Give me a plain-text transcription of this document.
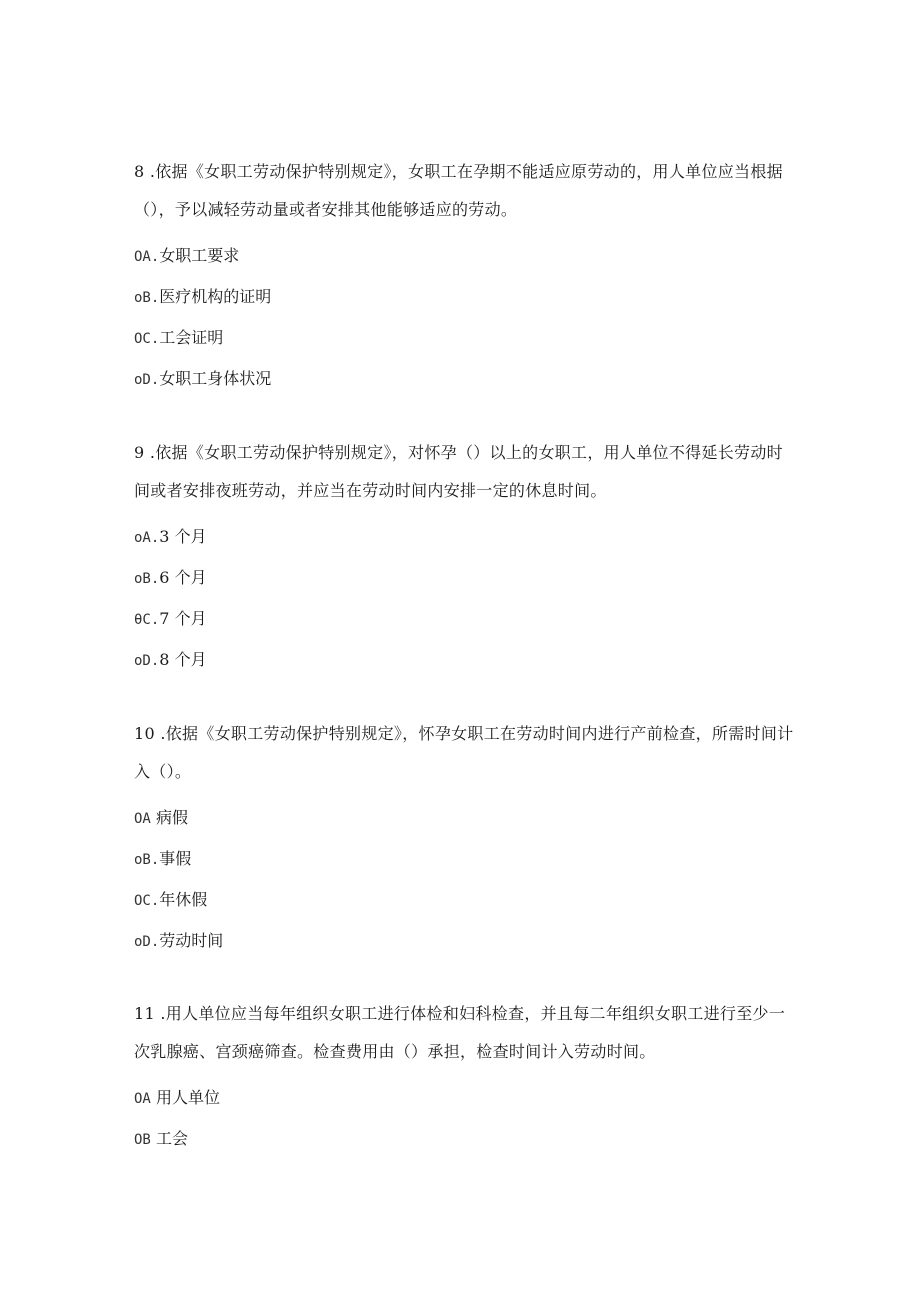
8 .依据《女职工劳动保护特别规定》，女职工在孕期不能适应原劳动的，用人单位应当根据（），予以减轻劳动量或者安排其他能够适应的劳动。

OA.女职工要求
oB.医疗机构的证明
OC.工会证明
oD.女职工身体状况

9 .依据《女职工劳动保护特别规定》，对怀孕（）以上的女职工，用人单位不得延长劳动时间或者安排夜班劳动，并应当在劳动时间内安排一定的休息时间。

oA.3 个月
oB.6 个月
θC.7 个月
oD.8 个月

10 .依据《女职工劳动保护特别规定》，怀孕女职工在劳动时间内进行产前检查，所需时间计入（）。

OA 病假
oB.事假
OC.年休假
oD.劳动时间

11 .用人单位应当每年组织女职工进行体检和妇科检查，并且每二年组织女职工进行至少一次乳腺癌、宫颈癌筛查。检查费用由（）承担，检查时间计入劳动时间。

OA 用人单位
OB 工会
